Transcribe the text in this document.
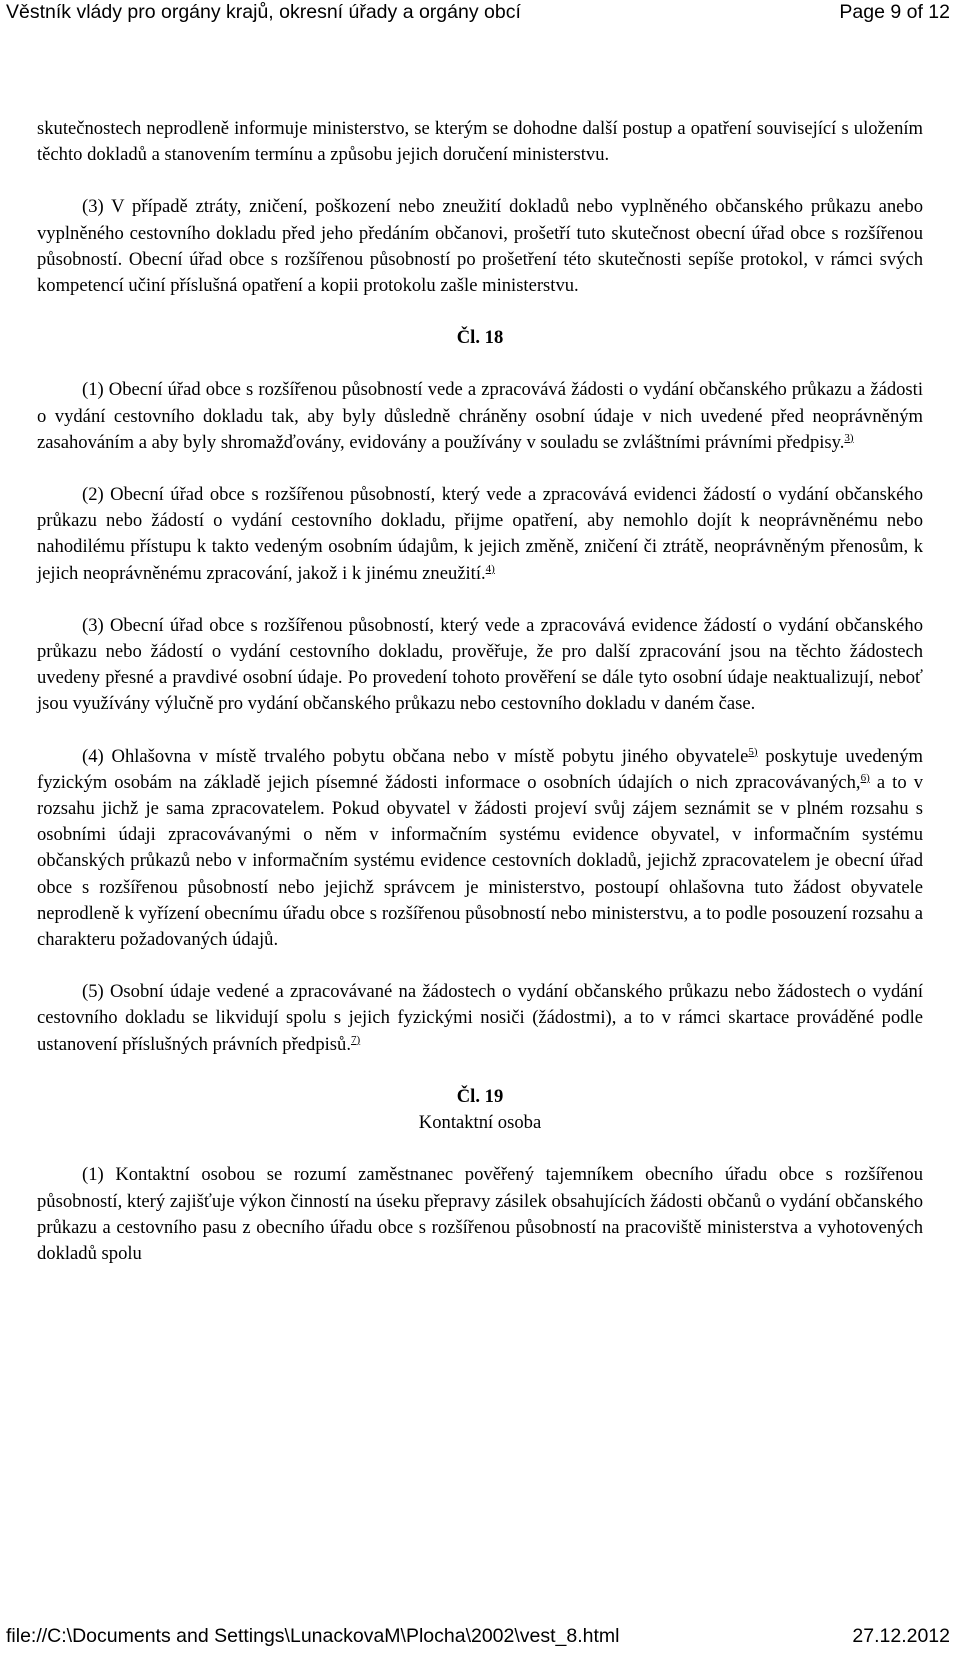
Věstník vlády pro orgány krajů, okresní úřady a orgány obcí	Page 9 of 12

skutečnostech neprodleně informuje ministerstvo, se kterým se dohodne další postup a opatření související s uložením těchto dokladů a stanovením termínu a způsobu jejich doručení ministerstvu.

(3) V případě ztráty, zničení, poškození nebo zneužití dokladů nebo vyplněného občanského průkazu anebo vyplněného cestovního dokladu před jeho předáním občanovi, prošetří tuto skutečnost obecní úřad obce s rozšířenou působností. Obecní úřad obce s rozšířenou působností po prošetření této skutečnosti sepíše protokol, v rámci svých kompetencí učiní příslušná opatření a kopii protokolu zašle ministerstvu.

Čl. 18

(1) Obecní úřad obce s rozšířenou působností vede a zpracovává žádosti o vydání občanského průkazu a žádosti o vydání cestovního dokladu tak, aby byly důsledně chráněny osobní údaje v nich uvedené před neoprávněným zasahováním a aby byly shromažďovány, evidovány a používány v souladu se zvláštními právními předpisy.$^{3)}$

(2) Obecní úřad obce s rozšířenou působností, který vede a zpracovává evidenci žádostí o vydání občanského průkazu nebo žádostí o vydání cestovního dokladu, přijme opatření, aby nemohlo dojít k neoprávněnému nebo nahodilému přístupu k takto vedeným osobním údajům, k jejich změně, zničení či ztrátě, neoprávněným přenosům, k jejich neoprávněnému zpracování, jakož i k jinému zneužití.$^{4)}$

(3) Obecní úřad obce s rozšířenou působností, který vede a zpracovává evidence žádostí o vydání občanského průkazu nebo žádostí o vydání cestovního dokladu, prověřuje, že pro další zpracování jsou na těchto žádostech uvedeny přesné a pravdivé osobní údaje. Po provedení tohoto prověření se dále tyto osobní údaje neaktualizují, neboť jsou využívány výlučně pro vydání občanského průkazu nebo cestovního dokladu v daném čase.

(4) Ohlašovna v místě trvalého pobytu občana nebo v místě pobytu jiného obyvatele$^{5)}$ poskytuje uvedeným fyzickým osobám na základě jejich písemné žádosti informace o osobních údajích o nich zpracovávaných,$^{6)}$ a to v rozsahu jichž je sama zpracovatelem. Pokud obyvatel v žádosti projeví svůj zájem seznámit se v plném rozsahu s osobními údaji zpracovávanými o něm v informačním systému evidence obyvatel, v informačním systému občanských průkazů nebo v informačním systému evidence cestovních dokladů, jejichž zpracovatelem je obecní úřad obce s rozšířenou působností nebo jejichž správcem je ministerstvo, postoupí ohlašovna tuto žádost obyvatele neprodleně k vyřízení obecnímu úřadu obce s rozšířenou působností nebo ministerstvu, a to podle posouzení rozsahu a charakteru požadovaných údajů.

(5) Osobní údaje vedené a zpracovávané na žádostech o vydání občanského průkazu nebo žádostech o vydání cestovního dokladu se likvidují spolu s jejich fyzickými nosiči (žádostmi), a to v rámci skartace prováděné podle ustanovení příslušných právních předpisů.$^{7)}$

Čl. 19

Kontaktní osoba

(1) Kontaktní osobou se rozumí zaměstnanec pověřený tajemníkem obecního úřadu obce s rozšířenou působností, který zajišťuje výkon činností na úseku přepravy zásilek obsahujících žádosti občanů o vydání občanského průkazu a cestovního pasu z obecního úřadu obce s rozšířenou působností na pracoviště ministerstva a vyhotovených dokladů spolu

file://C:\Documents and Settings\LunackovaM\Plocha\2002\vest_8.html	27.12.2012
